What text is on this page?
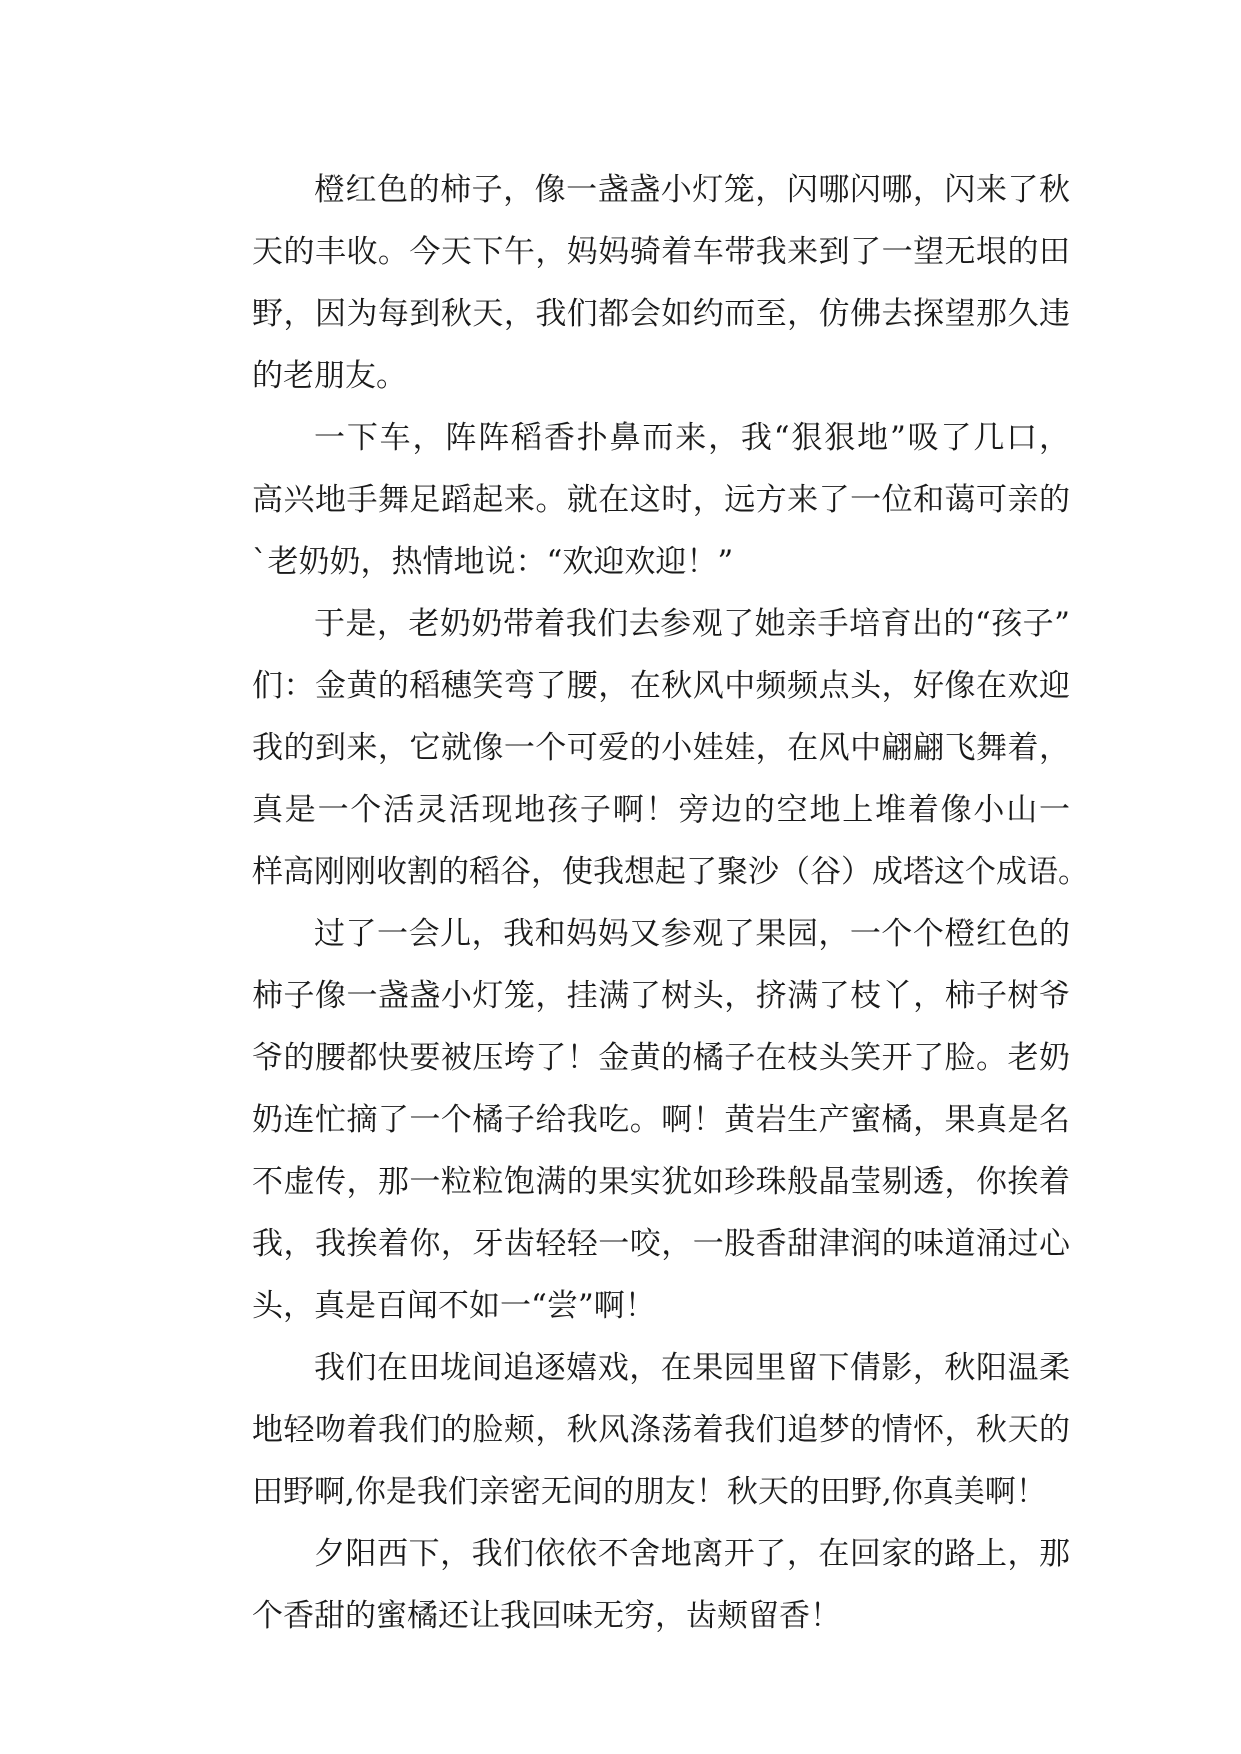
橙红色的柿子，像一盏盏小灯笼，闪哪闪哪，闪来了秋
天的丰收。今天下午，妈妈骑着车带我来到了一望无垠的田
野，因为每到秋天，我们都会如约而至，仿佛去探望那久违
的老朋友。
一下车，阵阵稻香扑鼻而来，我“狠狠地”吸了几口，
高兴地手舞足蹈起来。就在这时，远方来了一位和蔼可亲的
`老奶奶，热情地说：“欢迎欢迎！”
于是，老奶奶带着我们去参观了她亲手培育出的“孩子”
们：金黄的稻穗笑弯了腰，在秋风中频频点头，好像在欢迎
我的到来，它就像一个可爱的小娃娃，在风中翩翩飞舞着，
真是一个活灵活现地孩子啊！旁边的空地上堆着像小山一
样高刚刚收割的稻谷，使我想起了聚沙（谷）成塔这个成语。
过了一会儿，我和妈妈又参观了果园，一个个橙红色的
柿子像一盏盏小灯笼，挂满了树头，挤满了枝丫，柿子树爷
爷的腰都快要被压垮了！金黄的橘子在枝头笑开了脸。老奶
奶连忙摘了一个橘子给我吃。啊！黄岩生产蜜橘，果真是名
不虚传，那一粒粒饱满的果实犹如珍珠般晶莹剔透，你挨着
我，我挨着你，牙齿轻轻一咬，一股香甜津润的味道涌过心
头，真是百闻不如一“尝”啊！
我们在田垅间追逐嬉戏，在果园里留下倩影，秋阳温柔
地轻吻着我们的脸颊，秋风涤荡着我们追梦的情怀，秋天的
田野啊,你是我们亲密无间的朋友！秋天的田野,你真美啊！
夕阳西下，我们依依不舍地离开了，在回家的路上，那
个香甜的蜜橘还让我回味无穷，齿颊留香！
